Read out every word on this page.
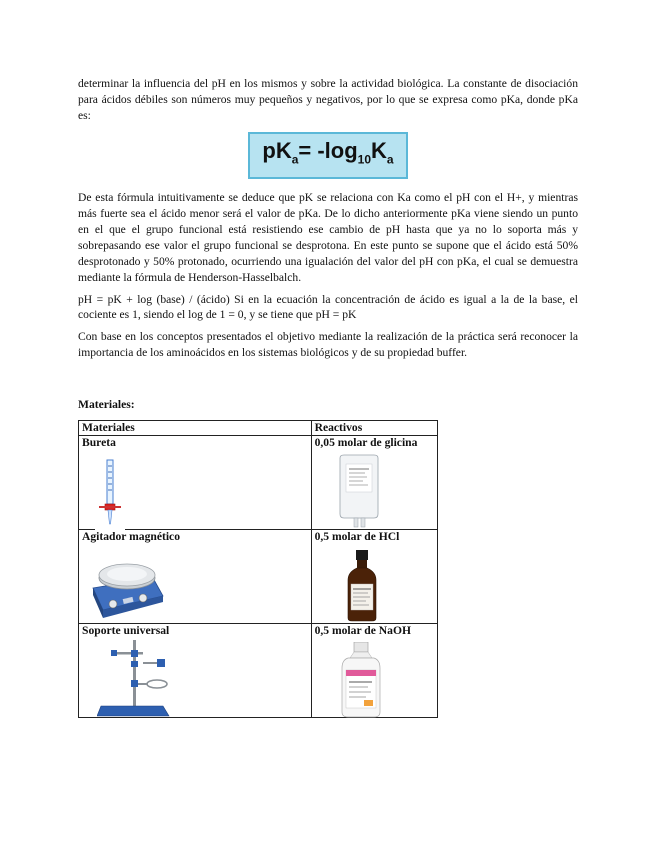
determinar la influencia del pH en los mismos y sobre la actividad biológica. La constante de disociación para ácidos débiles son números muy pequeños y negativos, por lo que se expresa como pKa, donde pKa es:

$pK_a= -\log_{10}K_a$

De esta fórmula intuitivamente se deduce que pK se relaciona con Ka como el pH con el H+, y mientras más fuerte sea el ácido menor será el valor de pKa. De lo dicho anteriormente pKa viene siendo un punto en el que el grupo funcional está resistiendo ese cambio de pH hasta que ya no lo soporta más y sobrepasando ese valor el grupo funcional se desprotona. En este punto se supone que el ácido está 50% desprotonado y 50% protonado, ocurriendo una igualación del valor del pH con pKa, el cual se demuestra mediante la fórmula de Henderson-Hasselbalch.

pH = pK + log (base) / (ácido) Si en la ecuación la concentración de ácido es igual a la de la base, el cociente es 1, siendo el log de 1 = 0, y se tiene que pH = pK

Con base en los conceptos presentados el objetivo mediante la realización de la práctica será reconocer la importancia de los aminoácidos en los sistemas biológicos y de su propiedad buffer.

Materiales:
Materiales	Reactivos

Bureta	0,05 molar de glicina

Agitador magnético	0,5 molar de HCl

Soporte universal	0,5 molar de NaOH
